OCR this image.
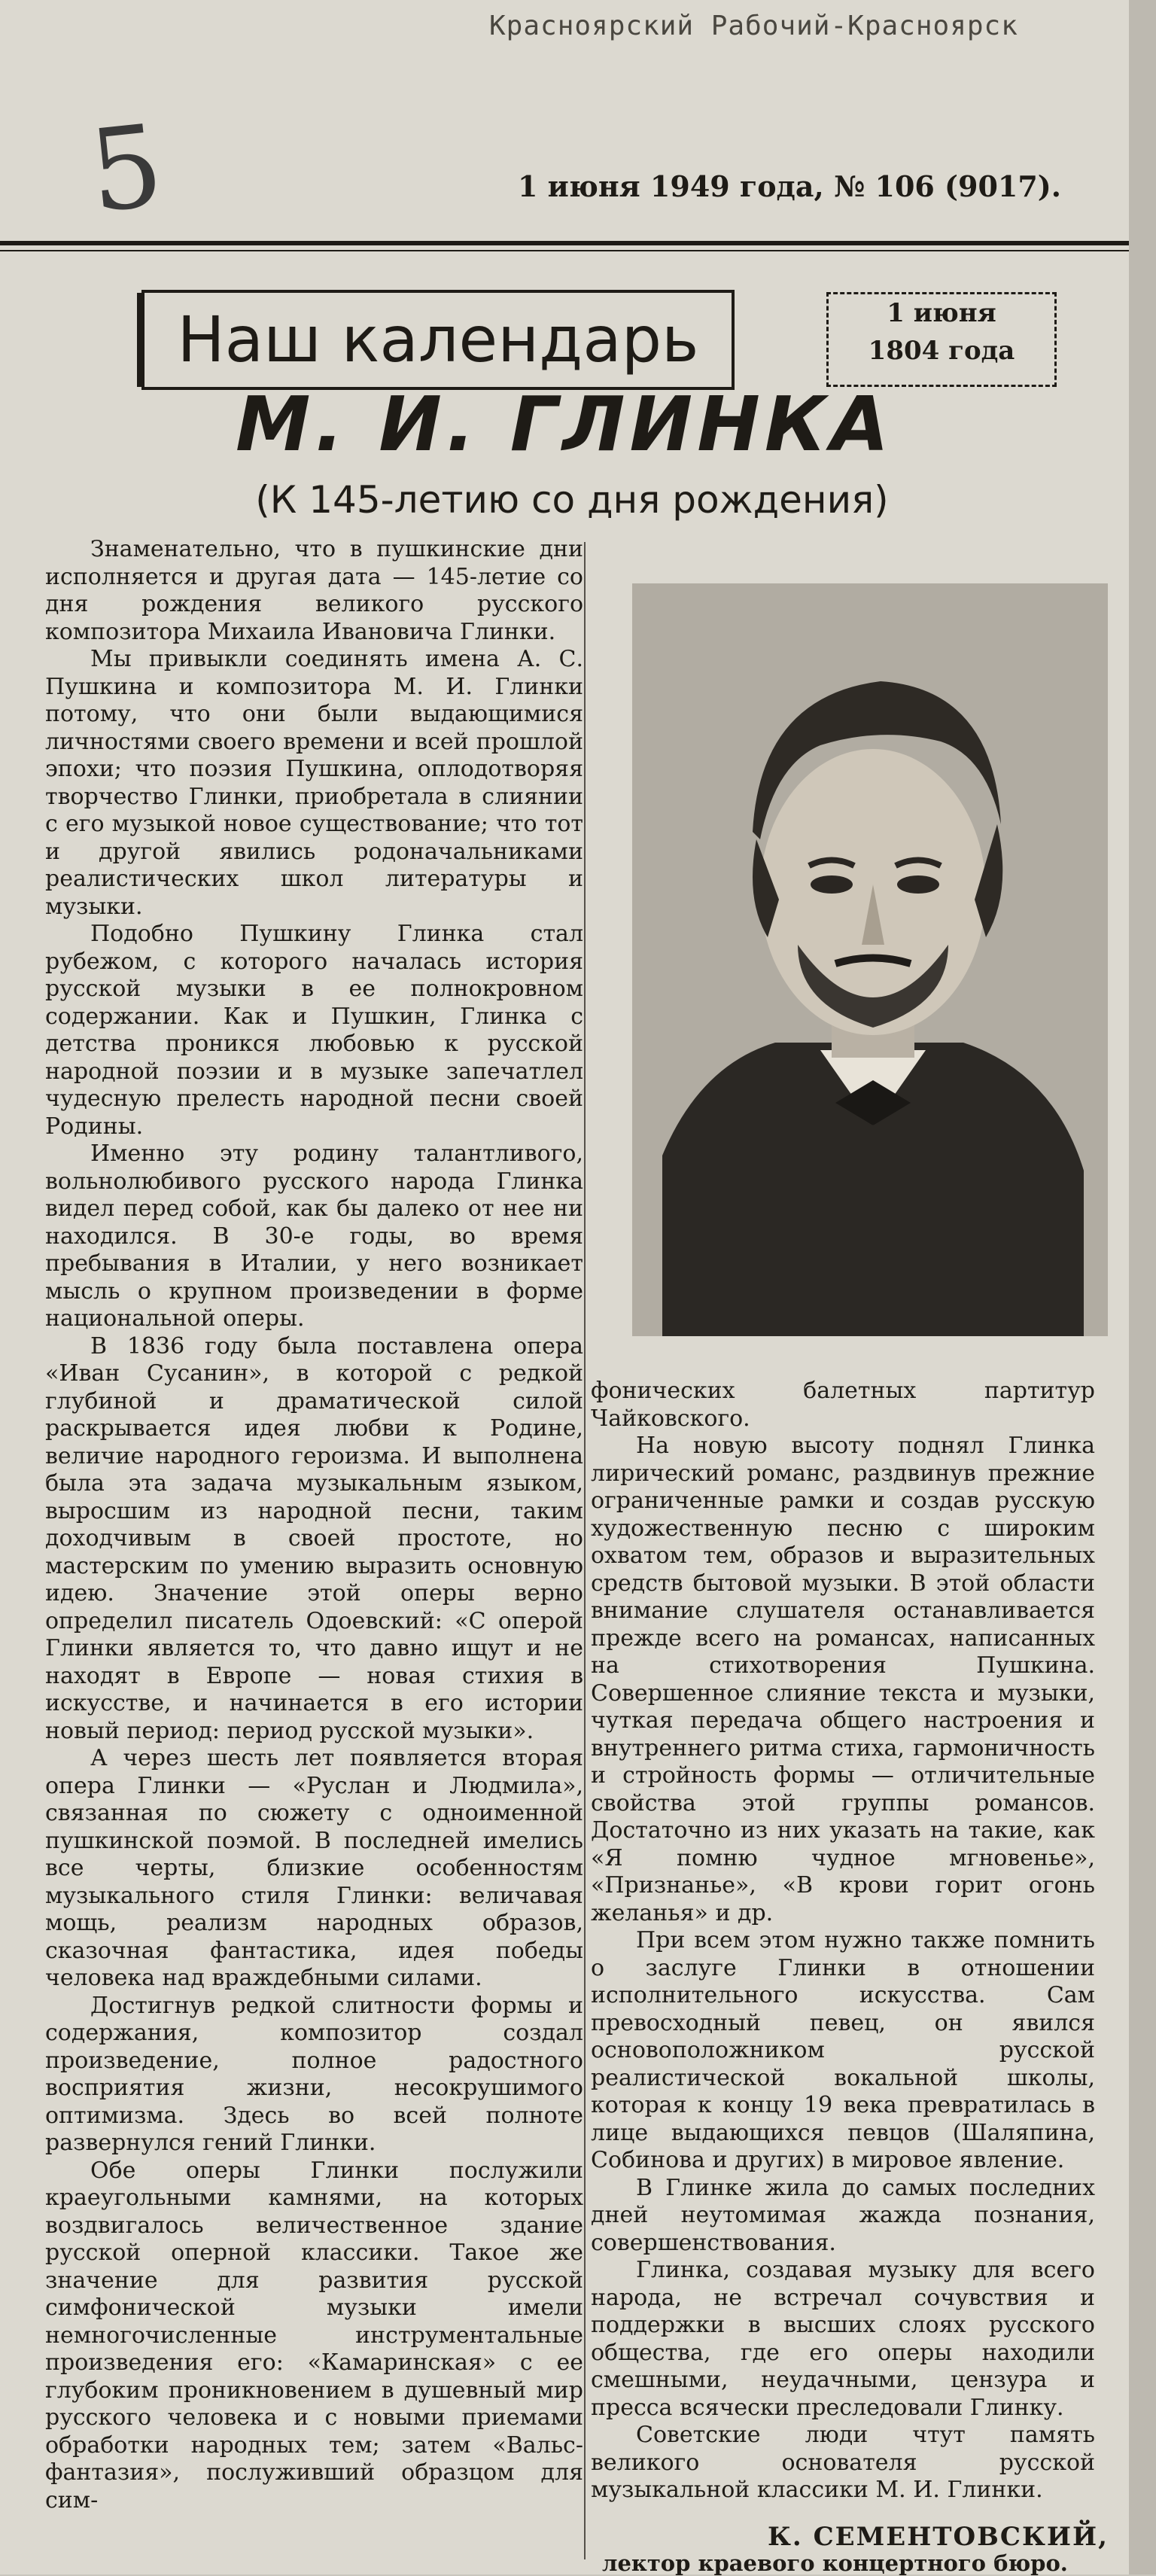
Красноярский Рабочий-Красноярск
5	1 июня 1949 года, № 106 (9017).
Наш календарь	1 июня
1804 года
М. И. ГЛИНКА
(К 145-летию со дня рождения)

Знаменательно, что в пушкинские дни исполняется и другая дата — 145-летие со дня рождения великого русского композитора Михаила Ивановича Глинки.

Мы привыкли соединять имена А. С. Пушкина и композитора М. И. Глинки потому, что они были выдающимися личностями своего времени и всей прошлой эпохи; что поэзия Пушкина, оплодотворяя творчество Глинки, приобретала в слиянии с его музыкой новое существование; что тот и другой явились родоначальниками реалистических школ литературы и музыки.

Подобно Пушкину Глинка стал рубежом, с которого началась история русской музыки в ее полнокровном содержании. Как и Пушкин, Глинка с детства проникся любовью к русской народной поэзии и в музыке запечатлел чудесную прелесть народной песни своей Родины.

Именно эту родину талантливого, вольнолюбивого русского народа Глинка видел перед собой, как бы далеко от нее ни находился. В 30-е годы, во время пребывания в Италии, у него возникает мысль о крупном произведении в форме национальной оперы.

В 1836 году была поставлена опера «Иван Сусанин», в которой с редкой глубиной и драматической силой раскрывается идея любви к Родине, величие народного героизма. И выполнена была эта задача музыкальным языком, выросшим из народной песни, таким доходчивым в своей простоте, но мастерским по умению выразить основную идею. Значение этой оперы верно определил писатель Одоевский: «С оперой Глинки является то, что давно ищут и не находят в Европе — новая стихия в искусстве, и начинается в его истории новый период: период русской музыки».

А через шесть лет появляется вторая опера Глинки — «Руслан и Людмила», связанная по сюжету с одноименной пушкинской поэмой. В последней имелись все черты, близкие особенностям музыкального стиля Глинки: величавая мощь, реализм народных образов, сказочная фантастика, идея победы человека над враждебными силами.

Достигнув редкой слитности формы и содержания, композитор создал произведение, полное радостного восприятия жизни, несокрушимого оптимизма. Здесь во всей полноте развернулся гений Глинки.

Обе оперы Глинки послужили краеугольными камнями, на которых воздвигалось величественное здание русской оперной классики. Такое же значение для развития русской симфонической музыки имели немногочисленные инструментальные произведения его: «Камаринская» с ее глубоким проникновением в душевный мир русского человека и с новыми приемами обработки народных тем; затем «Вальс-фантазия», послуживший образцом для сим-

фонических балетных партитур Чайковского.

На новую высоту поднял Глинка лирический романс, раздвинув прежние ограниченные рамки и создав русскую художественную песню с широким охватом тем, образов и выразительных средств бытовой музыки. В этой области внимание слушателя останавливается прежде всего на романсах, написанных на стихотворения Пушкина. Совершенное слияние текста и музыки, чуткая передача общего настроения и внутреннего ритма стиха, гармоничность и стройность формы — отличительные свойства этой группы романсов. Достаточно из них указать на такие, как «Я помню чудное мгновенье», «Признанье», «В крови горит огонь желанья» и др.

При всем этом нужно также помнить о заслуге Глинки в отношении исполнительного искусства. Сам превосходный певец, он явился основоположником русской реалистической вокальной школы, которая к концу 19 века превратилась в лице выдающихся певцов (Шаляпина, Собинова и других) в мировое явление.

В Глинке жила до самых последних дней неутомимая жажда познания, совершенствования.

Глинка, создавая музыку для всего народа, не встречал сочувствия и поддержки в высших слоях русского общества, где его оперы находили смешными, неудачными, цензура и пресса всячески преследовали Глинку.

Советские люди чтут память великого основателя русской музыкальной классики М. И. Глинки.

К. СЕМЕНТОВСКИЙ,
лектор краевого концертного бюро.
